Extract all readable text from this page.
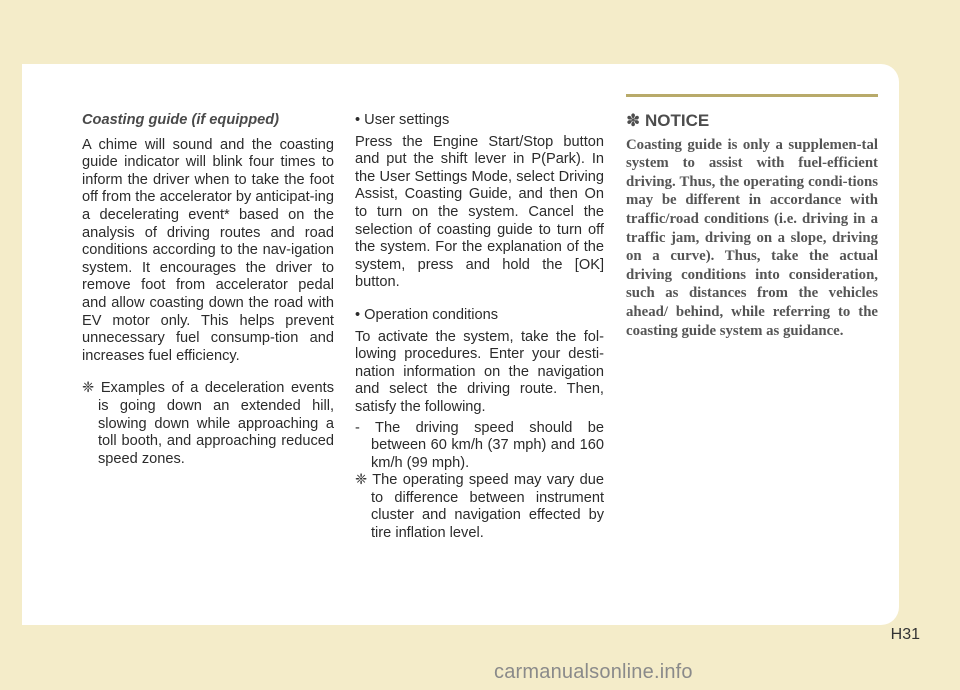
Coasting guide (if equipped)

A chime will sound and the coasting guide indicator will blink four times to inform the driver when to take the foot off from the accelerator by anticipat-ing a decelerating event* based on the analysis of driving routes and road conditions according to the nav-igation system. It encourages the driver to remove foot from accelerator pedal and allow coasting down the road with EV motor only. This helps prevent unnecessary fuel consump-tion and increases fuel efficiency.

❈ Examples of a deceleration events is going down an extended hill, slowing down while approaching a toll booth, and approaching reduced speed zones.

• User settings

Press the Engine Start/Stop button and put the shift lever in P(Park). In the User Settings Mode, select Driving Assist, Coasting Guide, and then On to turn on the system. Cancel the selection of coasting guide to turn off the system. For the explanation of the system, press and hold the [OK] button.

• Operation conditions

To activate the system, take the fol-lowing procedures. Enter your desti-nation information on the navigation and select the driving route. Then, satisfy the following.

- The driving speed should be between 60 km/h (37 mph) and 160 km/h (99 mph).

❈ The operating speed may vary due to difference between instrument cluster and navigation effected by tire inflation level.

✽ NOTICE

Coasting guide is only a supplemen-tal system to assist with fuel-efficient driving. Thus, the operating condi-tions may be different in accordance with traffic/road conditions (i.e. driving in a traffic jam, driving on a slope, driving on a curve). Thus, take the actual driving conditions into consideration, such as distances from the vehicles ahead/ behind, while referring to the coasting guide system as guidance.

H31
carmanualsonline.info
